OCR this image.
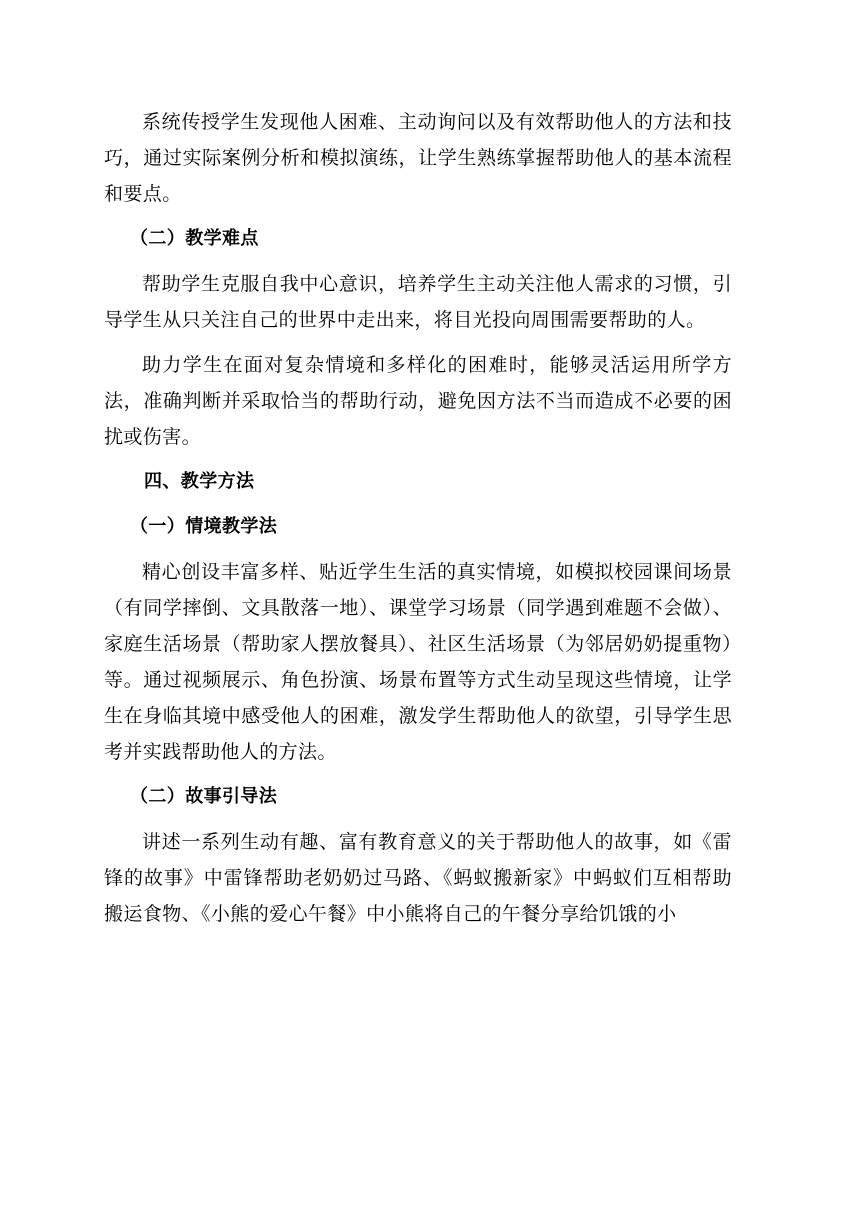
系统传授学生发现他人困难、主动询问以及有效帮助他人的方法和技巧，通过实际案例分析和模拟演练，让学生熟练掌握帮助他人的基本流程和要点。

（二）教学难点

帮助学生克服自我中心意识，培养学生主动关注他人需求的习惯，引导学生从只关注自己的世界中走出来，将目光投向周围需要帮助的人。

助力学生在面对复杂情境和多样化的困难时，能够灵活运用所学方法，准确判断并采取恰当的帮助行动，避免因方法不当而造成不必要的困扰或伤害。

四、教学方法
（一）情境教学法

精心创设丰富多样、贴近学生生活的真实情境，如模拟校园课间场景（有同学摔倒、文具散落一地）、课堂学习场景（同学遇到难题不会做）、家庭生活场景（帮助家人摆放餐具）、社区生活场景（为邻居奶奶提重物）等。通过视频展示、角色扮演、场景布置等方式生动呈现这些情境，让学生在身临其境中感受他人的困难，激发学生帮助他人的欲望，引导学生思考并实践帮助他人的方法。

（二）故事引导法

讲述一系列生动有趣、富有教育意义的关于帮助他人的故事，如《雷锋的故事》中雷锋帮助老奶奶过马路、《蚂蚁搬新家》中蚂蚁们互相帮助搬运食物、《小熊的爱心午餐》中小熊将自己的午餐分享给饥饿的小
